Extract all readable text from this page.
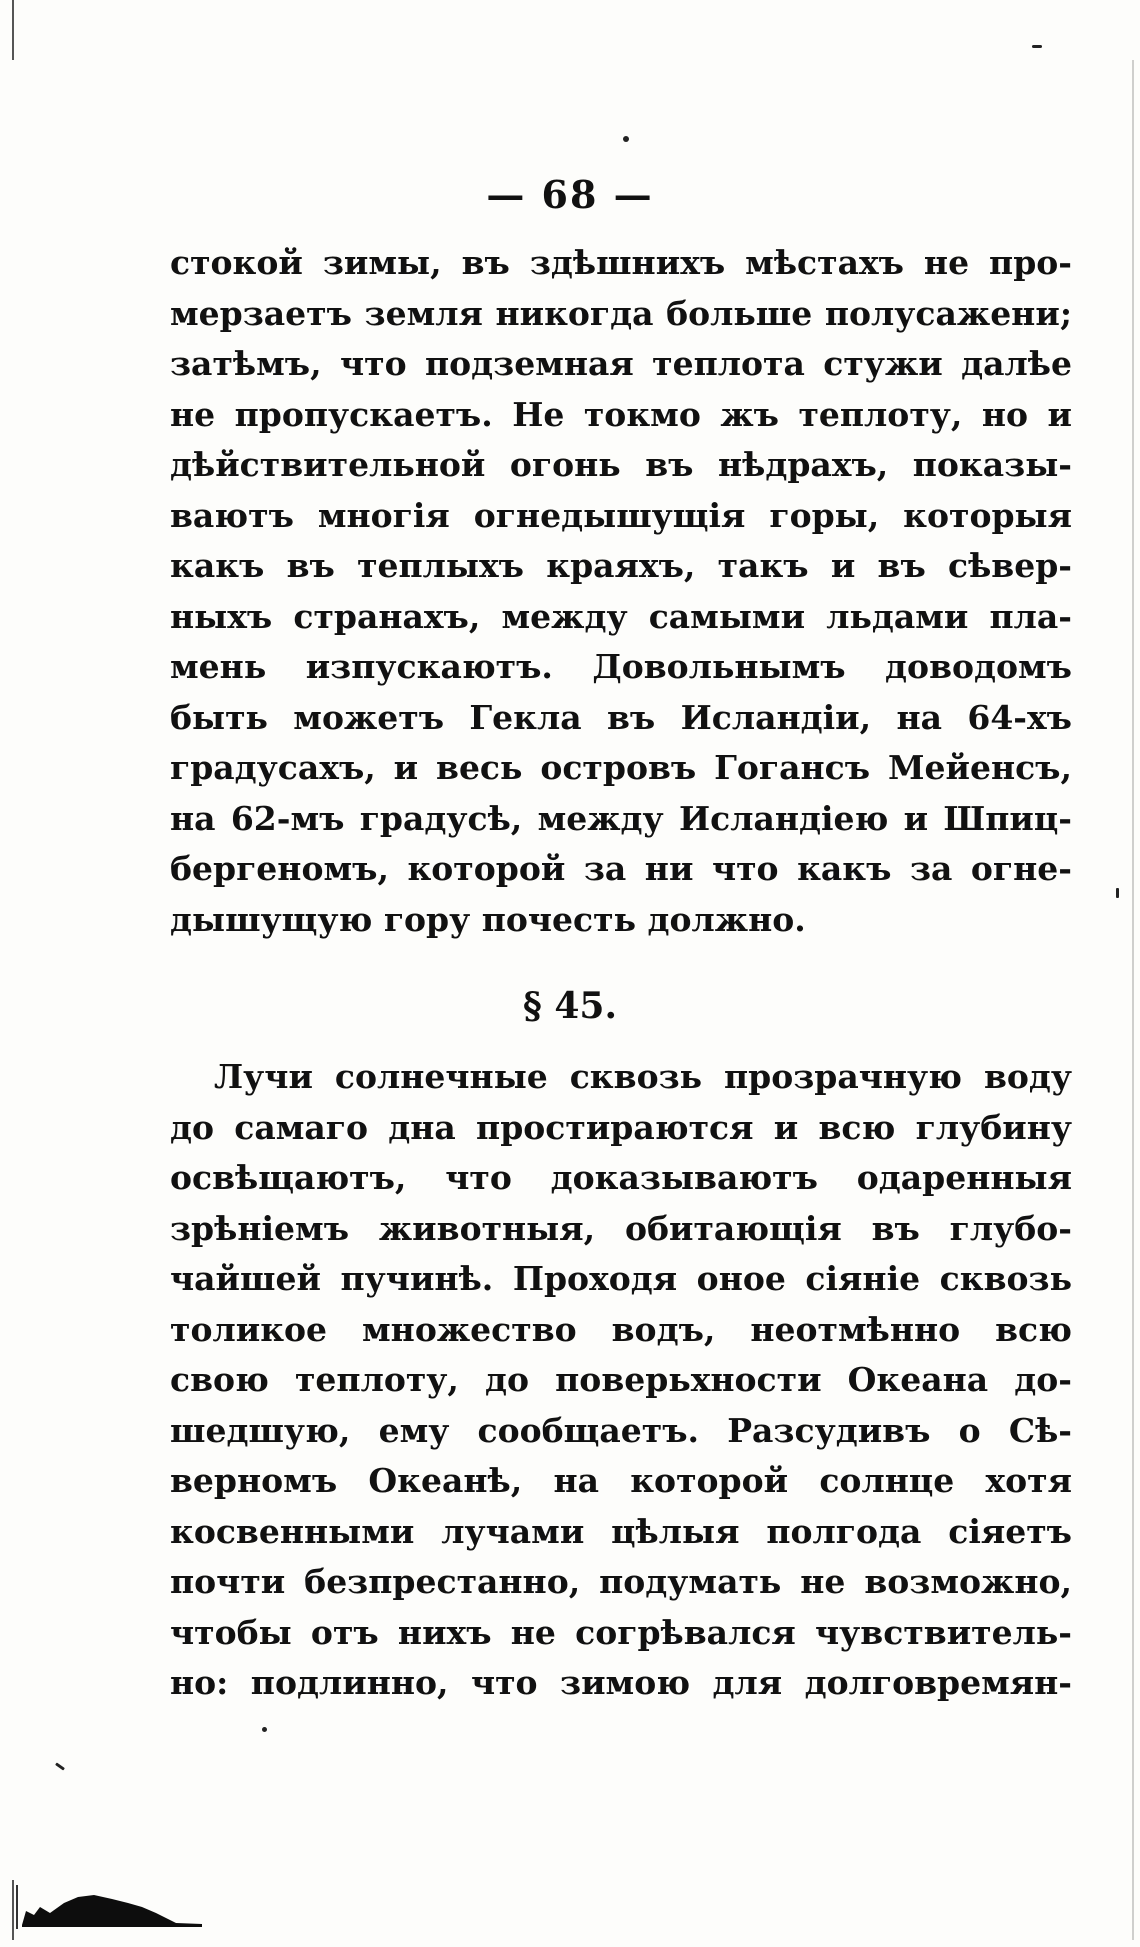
— 68 —
стокой зимы, въ здѣшнихъ мѣстахъ не про-
мерзаетъ земля никогда больше полусажени;
затѣмъ, что подземная теплота стужи далѣе
не пропускаетъ. Не токмо жъ теплоту, но и
дѣйствительной огонь въ нѣдрахъ, показы-
ваютъ многія огнедышущія горы, которыя
какъ въ теплыхъ краяхъ, такъ и въ сѣвер-
ныхъ странахъ, между самыми льдами пла-
мень изпускаютъ. Довольнымъ доводомъ
быть можетъ Гекла въ Исландіи, на 64-хъ
градусахъ, и весь островъ Гогансъ Мейенсъ,
на 62-мъ градусѣ, между Исландіею и Шпиц-
бергеномъ, которой за ни что какъ за огне-
дышущую гору почесть должно.
§ 45.
Лучи солнечные сквозь прозрачную воду
до самаго дна простираются и всю глубину
освѣщаютъ, что доказываютъ одаренныя
зрѣніемъ животныя, обитающія въ глубо-
чайшей пучинѣ. Проходя оное сіяніе сквозь
толикое множество водъ, неотмѣнно всю
свою теплоту, до поверьхности Океана до-
шедшую, ему сообщаетъ. Разсудивъ о Сѣ-
верномъ Океанѣ, на которой солнце хотя
косвенными лучами цѣлыя полгода сіяетъ
почти безпрестанно, подумать не возможно,
чтобы отъ нихъ не согрѣвался чувствитель-
но: подлинно, что зимою для долговремян-
